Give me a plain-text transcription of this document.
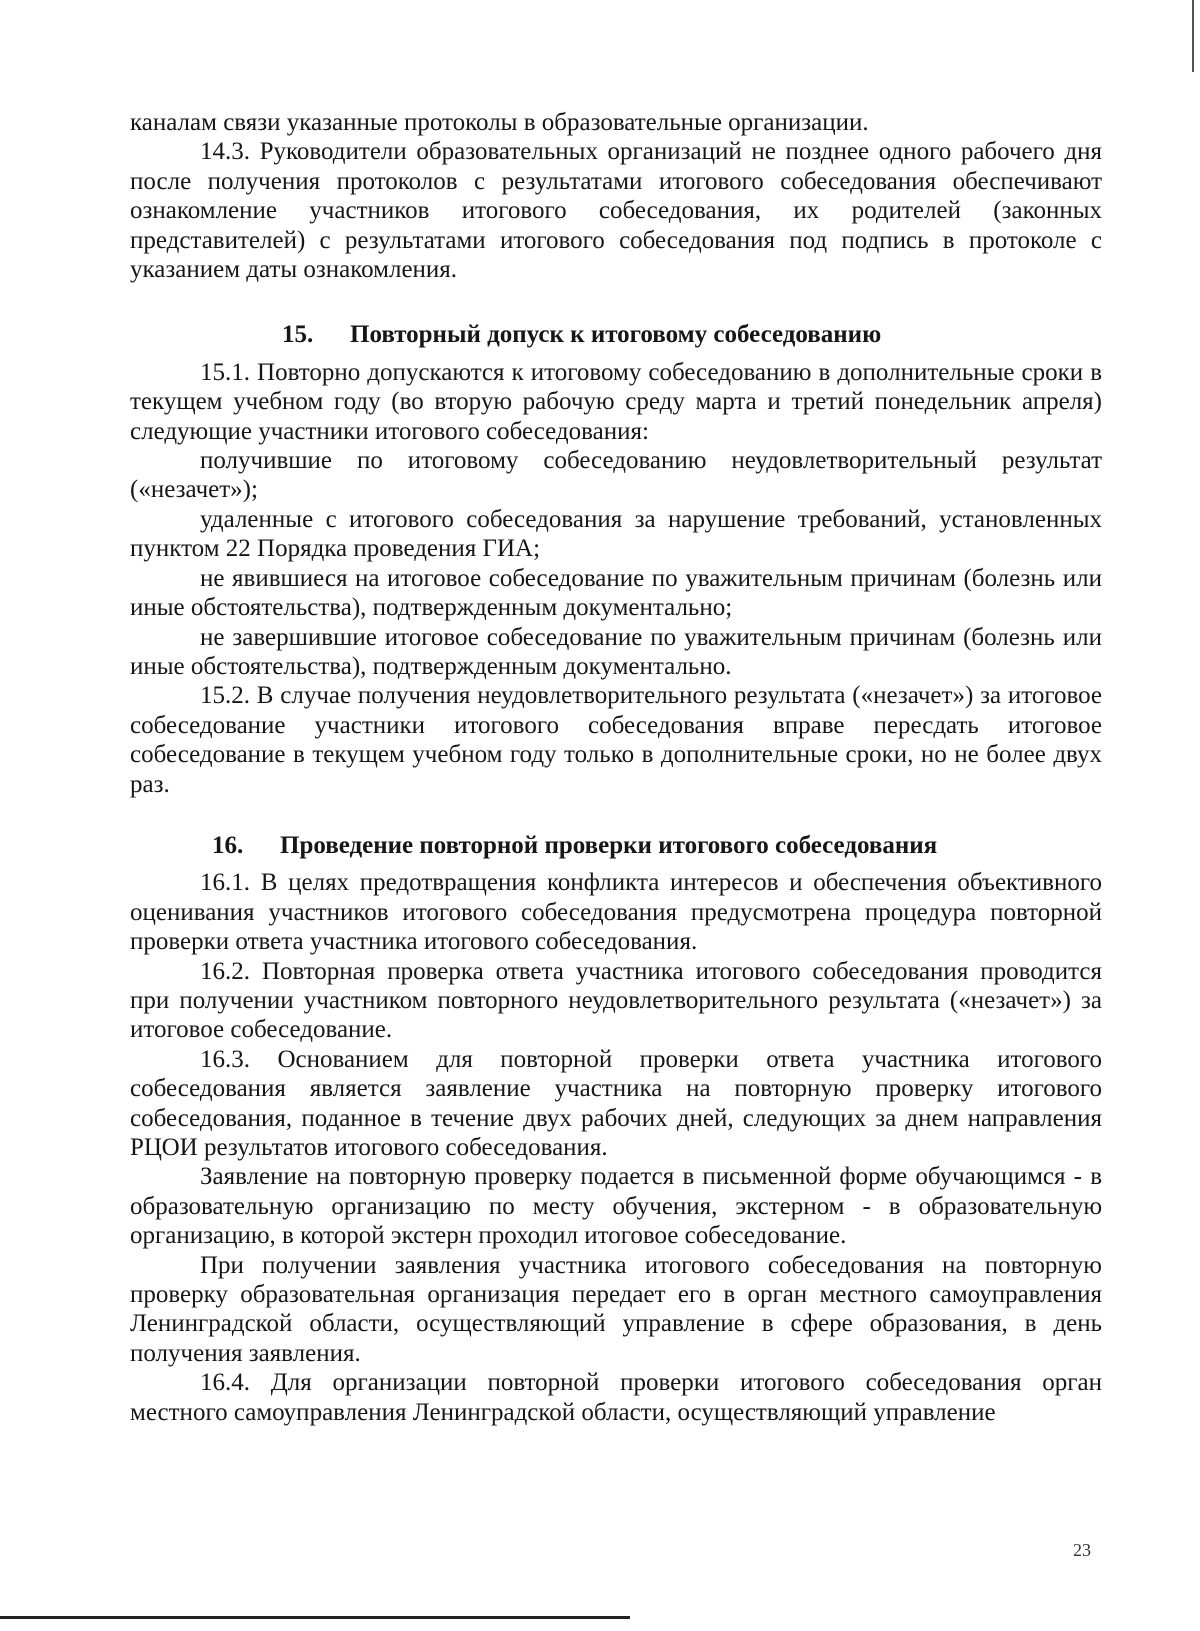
каналам связи указанные протоколы в образовательные организации.

14.3. Руководители образовательных организаций не позднее одного рабочего дня после получения протоколов с результатами итогового собеседования обеспечивают ознакомление участников итогового собеседования, их родителей (законных представителей) с результатами итогового собеседования под подпись в протоколе с указанием даты ознакомления.

15. Повторный допуск к итоговому собеседованию

15.1. Повторно допускаются к итоговому собеседованию в дополнительные сроки в текущем учебном году (во вторую рабочую среду марта и третий понедельник апреля) следующие участники итогового собеседования:

получившие по итоговому собеседованию неудовлетворительный результат («незачет»);

удаленные с итогового собеседования за нарушение требований, установленных пунктом 22 Порядка проведения ГИА;

не явившиеся на итоговое собеседование по уважительным причинам (болезнь или иные обстоятельства), подтвержденным документально;

не завершившие итоговое собеседование по уважительным причинам (болезнь или иные обстоятельства), подтвержденным документально.

15.2. В случае получения неудовлетворительного результата («незачет») за итоговое собеседование участники итогового собеседования вправе пересдать итоговое собеседование в текущем учебном году только в дополнительные сроки, но не более двух раз.

16. Проведение повторной проверки итогового собеседования

16.1. В целях предотвращения конфликта интересов и обеспечения объективного оценивания участников итогового собеседования предусмотрена процедура повторной проверки ответа участника итогового собеседования.

16.2. Повторная проверка ответа участника итогового собеседования проводится при получении участником повторного неудовлетворительного результата («незачет») за итоговое собеседование.

16.3. Основанием для повторной проверки ответа участника итогового собеседования является заявление участника на повторную проверку итогового собеседования, поданное в течение двух рабочих дней, следующих за днем направления РЦОИ результатов итогового собеседования.

Заявление на повторную проверку подается в письменной форме обучающимся - в образовательную организацию по месту обучения, экстерном - в образовательную организацию, в которой экстерн проходил итоговое собеседование.

При получении заявления участника итогового собеседования на повторную проверку образовательная организация передает его в орган местного самоуправления Ленинградской области, осуществляющий управление в сфере образования, в день получения заявления.

16.4. Для организации повторной проверки итогового собеседования орган местного самоуправления Ленинградской области, осуществляющий управление

23
